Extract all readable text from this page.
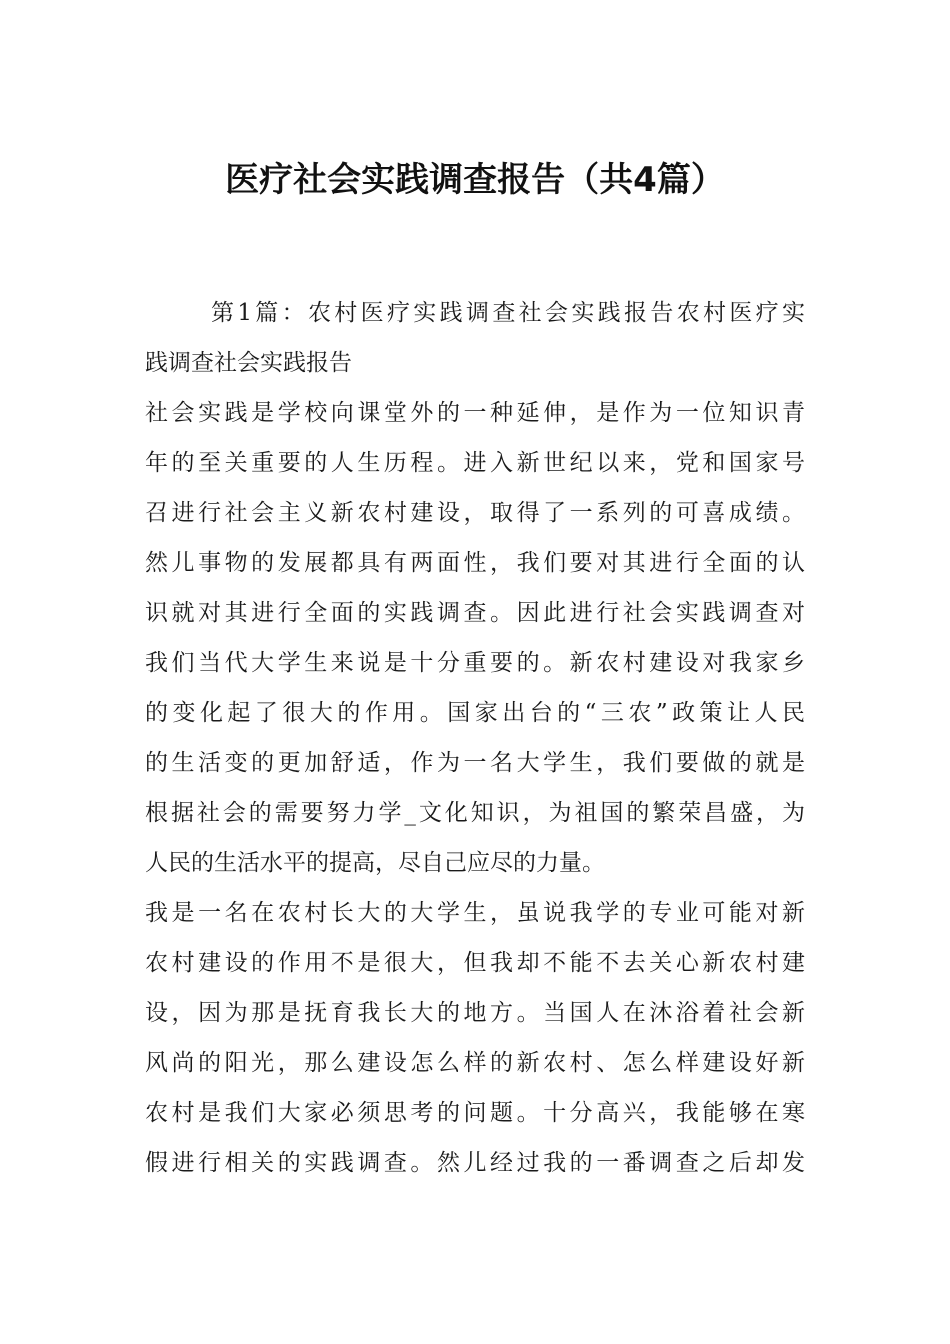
医疗社会实践调查报告（共4篇）
第1篇：农村医疗实践调查社会实践报告农村医疗实
践调查社会实践报告
社会实践是学校向课堂外的一种延伸，是作为一位知识青
年的至关重要的人生历程。进入新世纪以来，党和国家号
召进行社会主义新农村建设，取得了一系列的可喜成绩。
然儿事物的发展都具有两面性，我们要对其进行全面的认
识就对其进行全面的实践调查。因此进行社会实践调查对
我们当代大学生来说是十分重要的。新农村建设对我家乡
的变化起了很大的作用。国家出台的“三农”政策让人民
的生活变的更加舒适，作为一名大学生，我们要做的就是
根据社会的需要努力学_文化知识，为祖国的繁荣昌盛，为
人民的生活水平的提高，尽自己应尽的力量。
我是一名在农村长大的大学生，虽说我学的专业可能对新
农村建设的作用不是很大，但我却不能不去关心新农村建
设，因为那是抚育我长大的地方。当国人在沐浴着社会新
风尚的阳光，那么建设怎么样的新农村、怎么样建设好新
农村是我们大家必须思考的问题。十分高兴，我能够在寒
假进行相关的实践调查。然儿经过我的一番调查之后却发
